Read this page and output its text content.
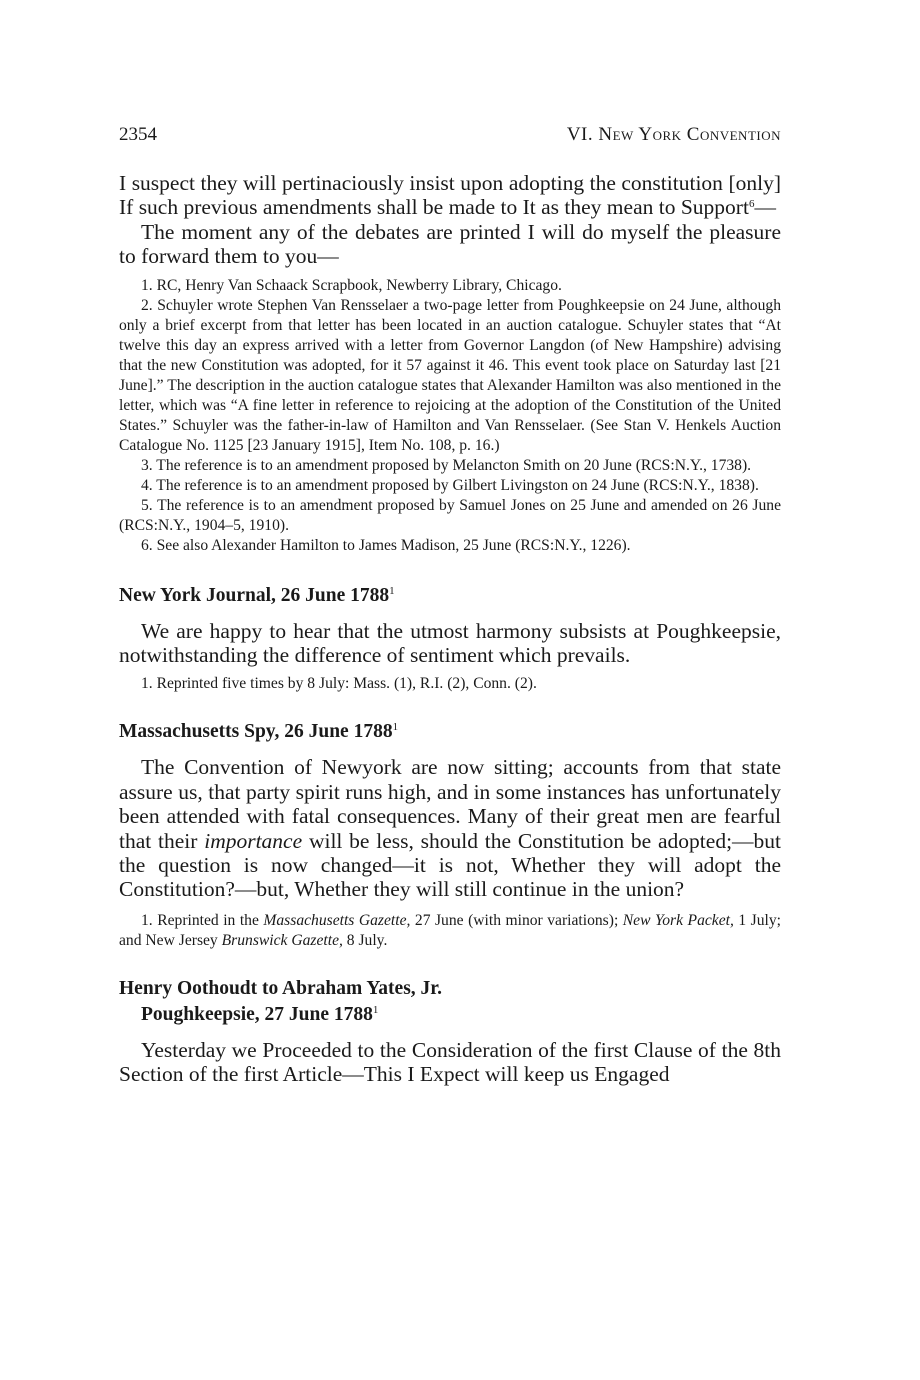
2354	VI. New York Convention

I suspect they will pertinaciously insist upon adopting the constitution [only] If such previous amendments shall be made to It as they mean to Support$^6$—

The moment any of the debates are printed I will do myself the pleasure to forward them to you—

1. RC, Henry Van Schaack Scrapbook, Newberry Library, Chicago.

2. Schuyler wrote Stephen Van Rensselaer a two-page letter from Poughkeepsie on 24 June, although only a brief excerpt from that letter has been located in an auction catalogue. Schuyler states that “At twelve this day an express arrived with a letter from Governor Langdon (of New Hampshire) advising that the new Constitution was adopted, for it 57 against it 46. This event took place on Saturday last [21 June].” The description in the auction catalogue states that Alexander Hamilton was also mentioned in the letter, which was “A fine letter in reference to rejoicing at the adoption of the Constitution of the United States.” Schuyler was the father-in-law of Hamilton and Van Rensselaer. (See Stan V. Henkels Auction Catalogue No. 1125 [23 January 1915], Item No. 108, p. 16.)

3. The reference is to an amendment proposed by Melancton Smith on 20 June (RCS:N.Y., 1738).

4. The reference is to an amendment proposed by Gilbert Livingston on 24 June (RCS:N.Y., 1838).

5. The reference is to an amendment proposed by Samuel Jones on 25 June and amended on 26 June (RCS:N.Y., 1904–5, 1910).

6. See also Alexander Hamilton to James Madison, 25 June (RCS:N.Y., 1226).

New York Journal, 26 June 1788$^1$

We are happy to hear that the utmost harmony subsists at Poughkeepsie, notwithstanding the difference of sentiment which prevails.

1. Reprinted five times by 8 July: Mass. (1), R.I. (2), Conn. (2).

Massachusetts Spy, 26 June 1788$^1$

The Convention of Newyork are now sitting; accounts from that state assure us, that party spirit runs high, and in some instances has unfortunately been attended with fatal consequences. Many of their great men are fearful that their importance will be less, should the Constitution be adopted;—but the question is now changed—it is not, Whether they will adopt the Constitution?—but, Whether they will still continue in the union?

1. Reprinted in the Massachusetts Gazette, 27 June (with minor variations); New York Packet, 1 July; and New Jersey Brunswick Gazette, 8 July.

Henry Oothoudt to Abraham Yates, Jr.
Poughkeepsie, 27 June 1788$^1$

Yesterday we Proceeded to the Consideration of the first Clause of the 8th Section of the first Article—This I Expect will keep us Engaged
